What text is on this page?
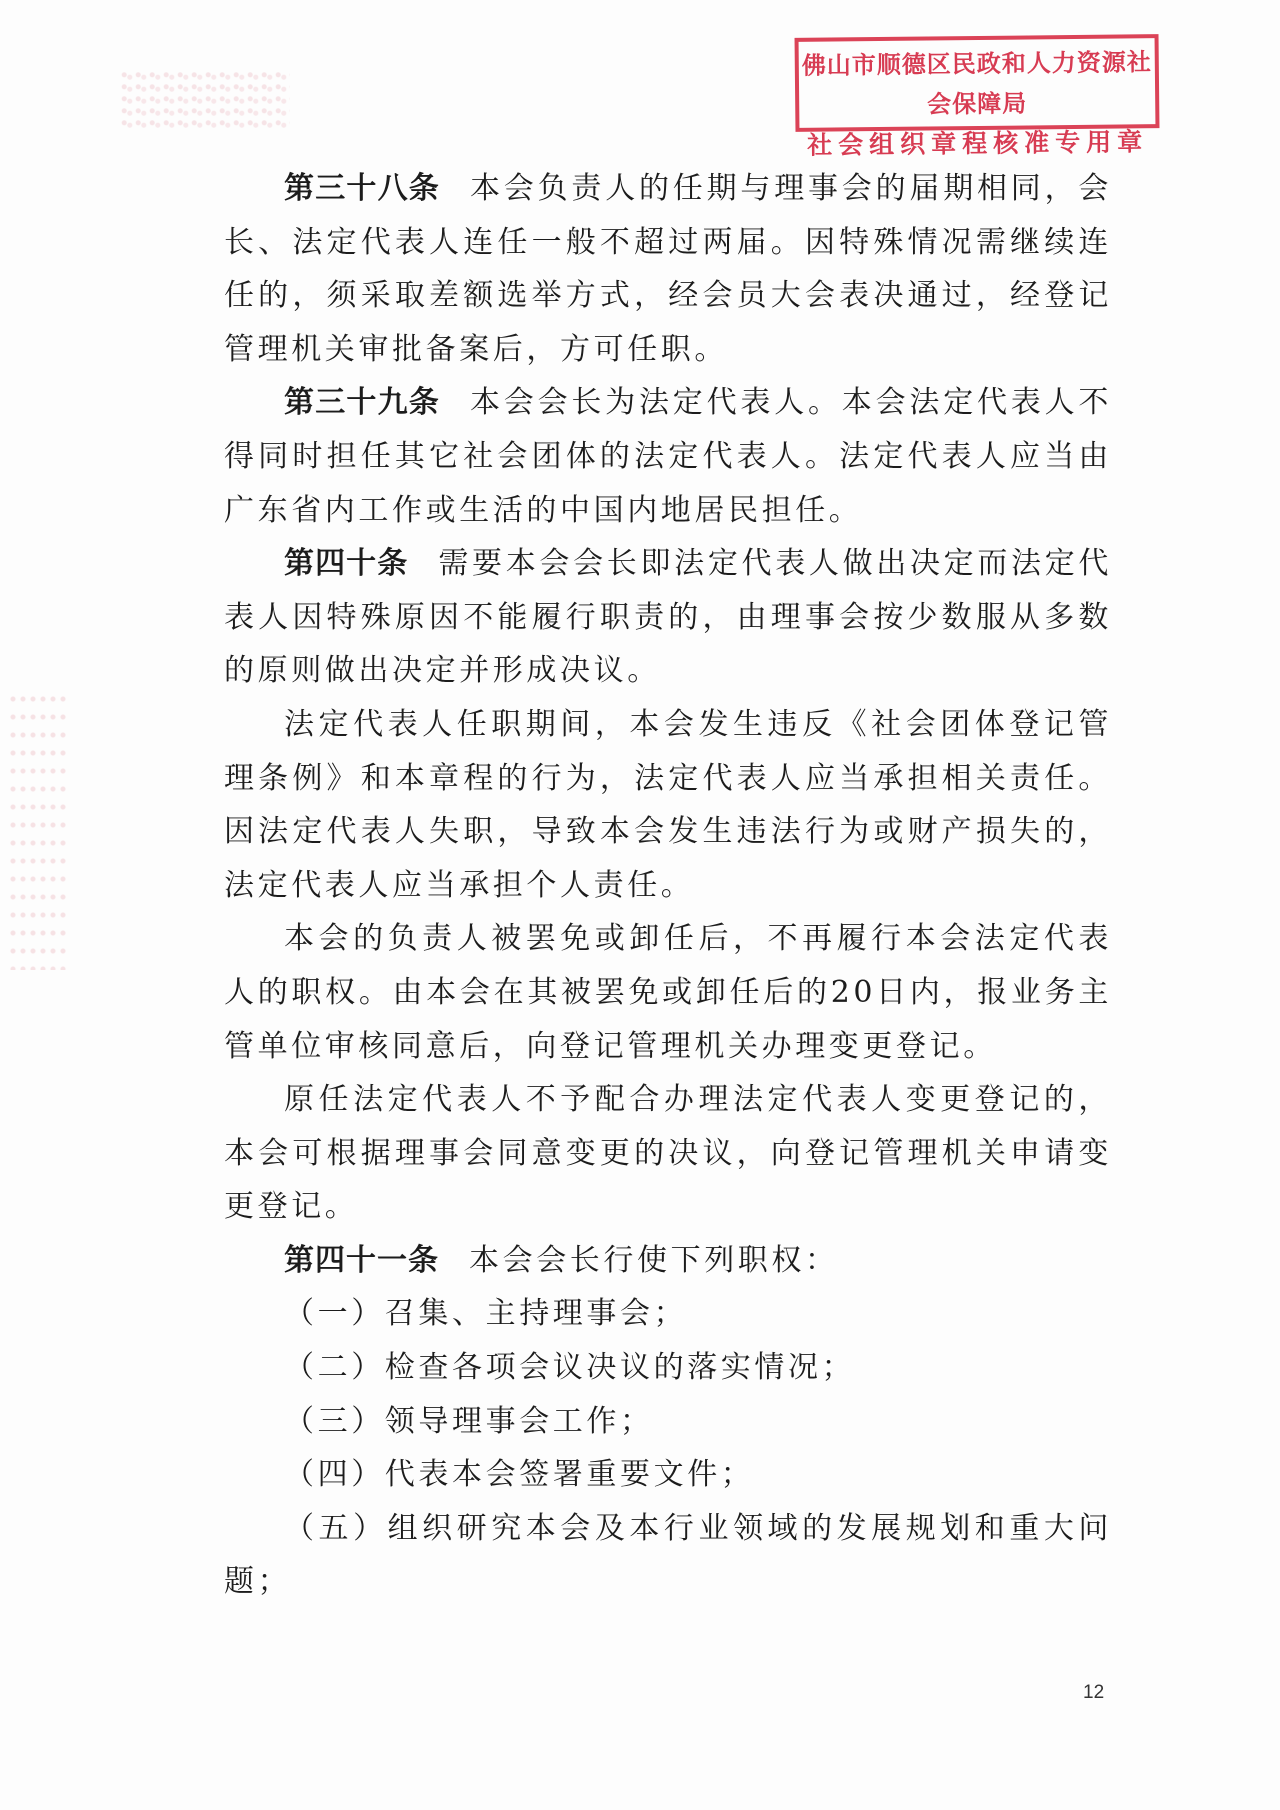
佛山市顺德区民政和人力资源社会保障局
社会组织章程核准专用章

第三十八条 本会负责人的任期与理事会的届期相同，会长、法定代表人连任一般不超过两届。因特殊情况需继续连任的，须采取差额选举方式，经会员大会表决通过，经登记管理机关审批备案后，方可任职。

第三十九条 本会会长为法定代表人。本会法定代表人不得同时担任其它社会团体的法定代表人。法定代表人应当由广东省内工作或生活的中国内地居民担任。

第四十条 需要本会会长即法定代表人做出决定而法定代表人因特殊原因不能履行职责的，由理事会按少数服从多数的原则做出决定并形成决议。

法定代表人任职期间，本会发生违反《社会团体登记管理条例》和本章程的行为，法定代表人应当承担相关责任。因法定代表人失职，导致本会发生违法行为或财产损失的，法定代表人应当承担个人责任。

本会的负责人被罢免或卸任后，不再履行本会法定代表人的职权。由本会在其被罢免或卸任后的20日内，报业务主管单位审核同意后，向登记管理机关办理变更登记。

原任法定代表人不予配合办理法定代表人变更登记的，本会可根据理事会同意变更的决议，向登记管理机关申请变更登记。

第四十一条 本会会长行使下列职权：

（一）召集、主持理事会；

（二）检查各项会议决议的落实情况；

（三）领导理事会工作；

（四）代表本会签署重要文件；

（五）组织研究本会及本行业领域的发展规划和重大问题；

12
